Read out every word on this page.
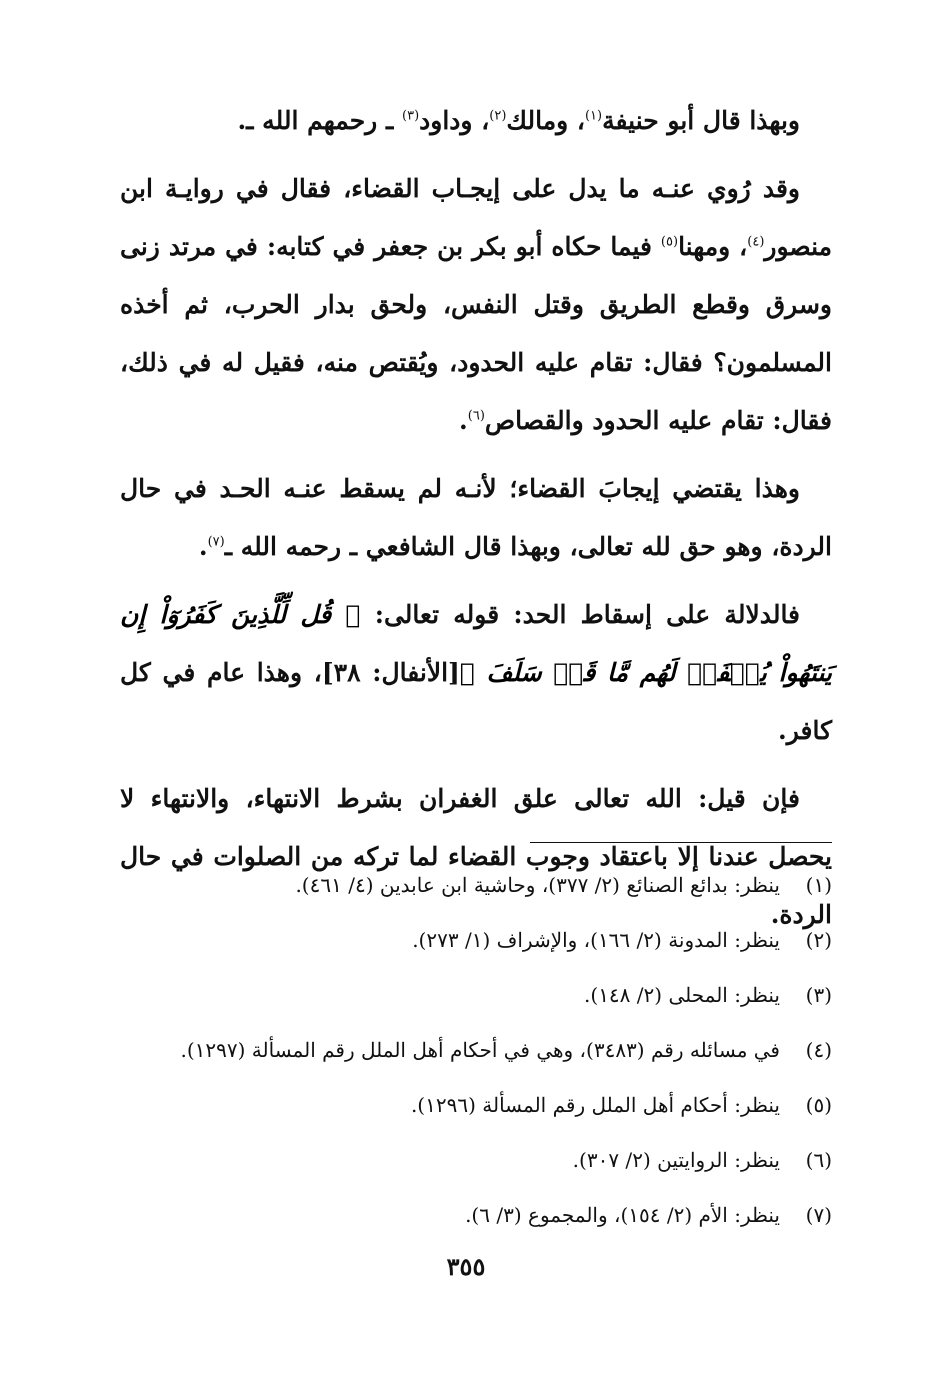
وبهذا قال أبو حنيفة$^{(١)}$، ومالك$^{(٢)}$، وداود$^{(٣)}$ ـ رحمهم الله ـ.

وقد رُوي عنـه ما يدل على إيجـاب القضاء، فقال في روايـة ابن منصور$^{(٤)}$، ومهنا$^{(٥)}$ فيما حكاه أبو بكر بن جعفر في كتابه: في مرتد زنى وسرق وقطع الطريق وقتل النفس، ولحق بدار الحرب، ثم أخذه المسلمون؟ فقال: تقام عليه الحدود، ويُقتص منه، فقيل له في ذلك، فقال: تقام عليه الحدود والقصاص$^{(٦)}$.

وهذا يقتضي إيجابَ القضاء؛ لأنـه لم يسقط عنـه الحـد في حال الردة، وهو حق لله تعالى، وبهذا قال الشافعي ـ رحمه الله ـ$^{(٧)}$.

فالدلالة على إسقاط الحد: قوله تعالى: ﴿ قُل لِّلَّذِينَ كَفَرُوٓاْ إِن يَنتَهُواْ يُغۡفَرۡ لَهُم مَّا قَدۡ سَلَفَ ﴾[الأنفال: ٣٨]، وهذا عام في كل كافر.

فإن قيل: الله تعالى علق الغفران بشرط الانتهاء، والانتهاء لا يحصل عندنا إلا باعتقاد وجوب القضاء لما تركه من الصلوات في حال الردة.

(١)
ينظر: بدائع الصنائع (٢/ ٣٧٧)، وحاشية ابن عابدين (٤/ ٤٦١).
(٢)
ينظر: المدونة (٢/ ١٦٦)، والإشراف (١/ ٢٧٣).
(٣)
ينظر: المحلى (٢/ ١٤٨).
(٤)
في مسائله رقم (٣٤٨٣)، وهي في أحكام أهل الملل رقم المسألة (١٢٩٧).
(٥)
ينظر: أحكام أهل الملل رقم المسألة (١٢٩٦).
(٦)
ينظر: الروايتين (٢/ ٣٠٧).
(٧)
ينظر: الأم (٢/ ١٥٤)، والمجموع (٣/ ٦).
٣٥٥
